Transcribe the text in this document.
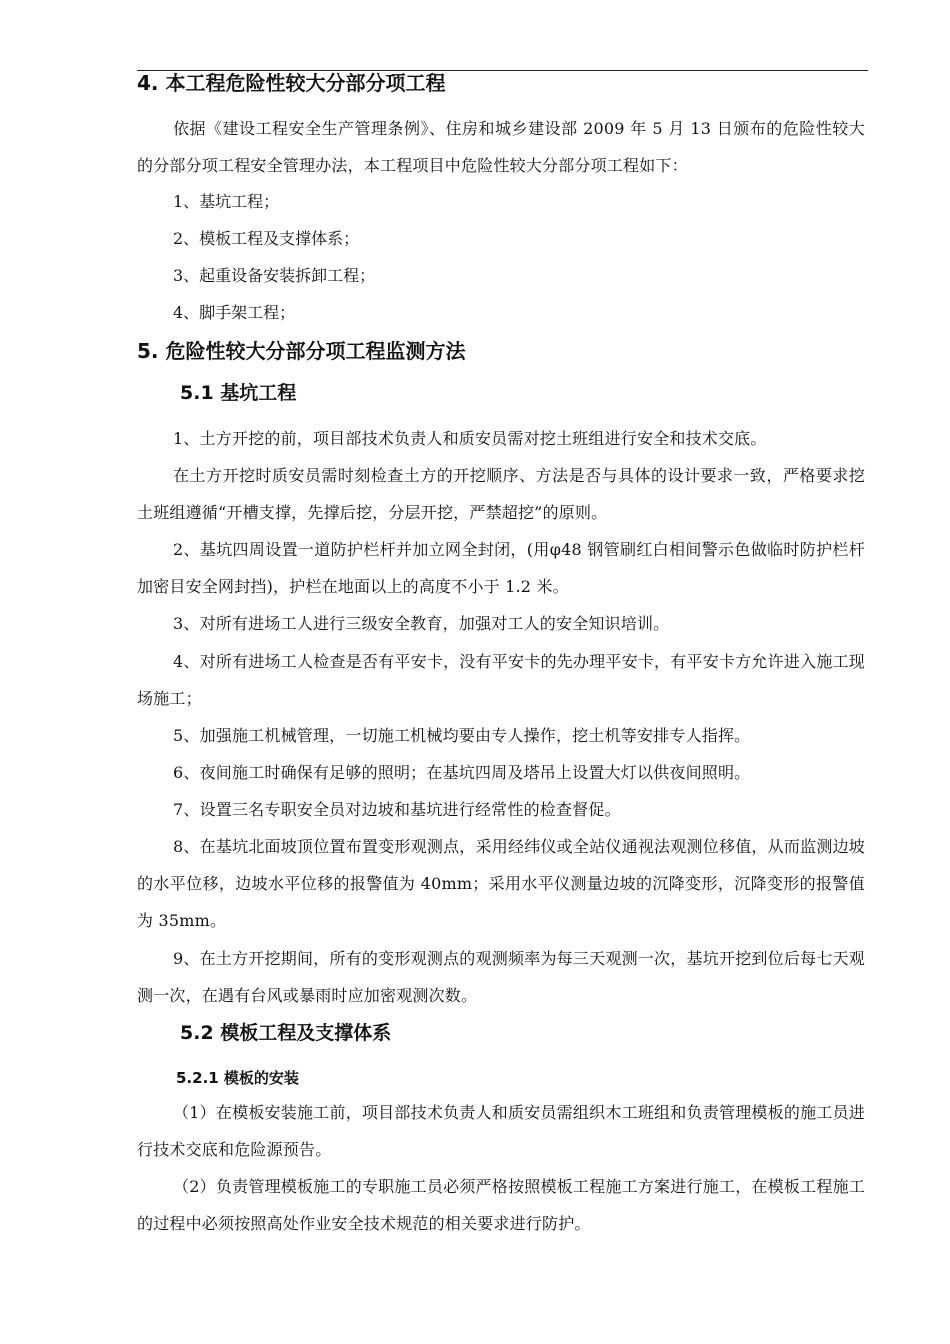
4. 本工程危险性较大分部分项工程
依据《建设工程安全生产管理条例》、住房和城乡建设部 2009 年 5 月 13 日颁布的危险性较大的分部分项工程安全管理办法，本工程项目中危险性较大分部分项工程如下：
1、基坑工程；
2、模板工程及支撑体系；
3、起重设备安装拆卸工程；
4、脚手架工程；
5. 危险性较大分部分项工程监测方法
5.1 基坑工程
1、土方开挖的前，项目部技术负责人和质安员需对挖土班组进行安全和技术交底。
在土方开挖时质安员需时刻检查土方的开挖顺序、方法是否与具体的设计要求一致，严格要求挖土班组遵循“开槽支撑，先撑后挖，分层开挖，严禁超挖”的原则。
2、基坑四周设置一道防护栏杆并加立网全封闭，(用φ48 钢管刷红白相间警示色做临时防护栏杆加密目安全网封挡)，护栏在地面以上的高度不小于 1.2 米。
3、对所有进场工人进行三级安全教育，加强对工人的安全知识培训。
4、对所有进场工人检查是否有平安卡，没有平安卡的先办理平安卡，有平安卡方允许进入施工现场施工；
5、加强施工机械管理，一切施工机械均要由专人操作，挖土机等安排专人指挥。
6、夜间施工时确保有足够的照明；在基坑四周及塔吊上设置大灯以供夜间照明。
7、设置三名专职安全员对边坡和基坑进行经常性的检查督促。
8、在基坑北面坡顶位置布置变形观测点，采用经纬仪或全站仪通视法观测位移值，从而监测边坡的水平位移，边坡水平位移的报警值为 40mm；采用水平仪测量边坡的沉降变形，沉降变形的报警值为 35mm。
9、在土方开挖期间，所有的变形观测点的观测频率为每三天观测一次，基坑开挖到位后每七天观测一次，在遇有台风或暴雨时应加密观测次数。
5.2 模板工程及支撑体系
5.2.1 模板的安装
（1）在模板安装施工前，项目部技术负责人和质安员需组织木工班组和负责管理模板的施工员进行技术交底和危险源预告。
（2）负责管理模板施工的专职施工员必须严格按照模板工程施工方案进行施工，在模板工程施工的过程中必须按照高处作业安全技术规范的相关要求进行防护。
